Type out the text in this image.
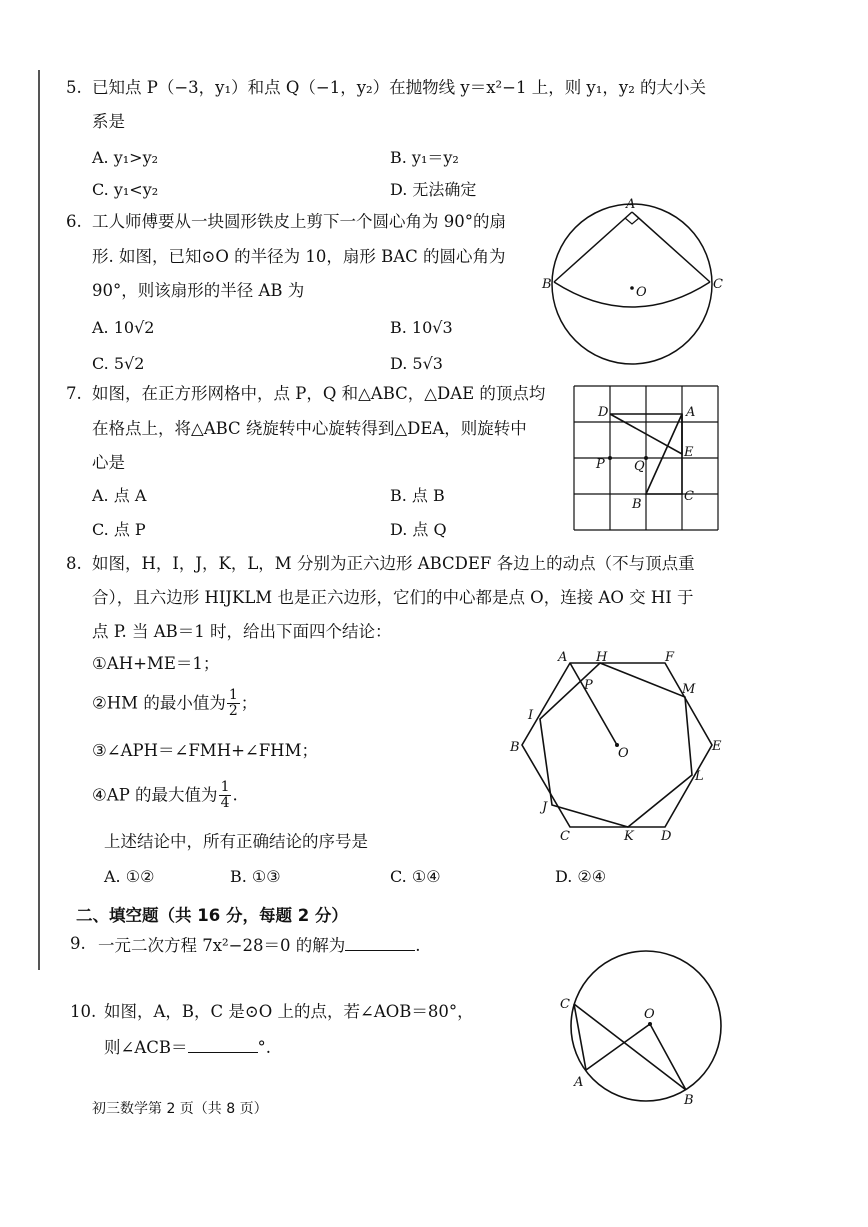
5. 已知点 P（−3，y₁）和点 Q（−1，y₂）在抛物线 y＝x²−1 上，则 y₁，y₂ 的大小关
系是
A. y₁>y₂	B. y₁＝y₂
C. y₁<y₂	D. 无法确定
6. 工人师傅要从一块圆形铁皮上剪下一个圆心角为 90°的扇
形. 如图，已知⊙O 的半径为 10，扇形 BAC 的圆心角为
90°，则该扇形的半径 AB 为
A. 10√2	B. 10√3
C. 5√2	D. 5√3
A
B	C
O
7. 如图，在正方形网格中，点 P，Q 和△ABC，△DAE 的顶点均
在格点上，将△ABC 绕旋转中心旋转得到△DEA，则旋转中
心是
A. 点 A	B. 点 B
C. 点 P	D. 点 Q
D	A
E
P Q
B
C
8. 如图，H，I，J，K，L，M 分别为正六边形 ABCDEF 各边上的动点（不与顶点重
合），且六边形 HIJKLM 也是正六边形，它们的中心都是点 O，连接 AO 交 HI 于
点 P. 当 AB＝1 时，给出下面四个结论：
①AH+ME＝1；
②HM 的最小值为 $\frac{1}{2}$ ；
③∠APH＝∠FMH+∠FHM；
④AP 的最大值为 $\frac{1}{4}$ .
上述结论中，所有正确结论的序号是
A. ①②	B. ①③	C. ①④	D. ②④
A H	F
P	M
I
B	O	E
L
J
C	K D
二、填空题（共 16 分，每题 2 分）
9. 一元二次方程 7x²−28＝0 的解为	.
10. 如图，A，B，C 是⊙O 上的点，若∠AOB＝80°，
则∠ACB＝	°.
C
O
A
B
初三数学第 2 页（共 8 页）
